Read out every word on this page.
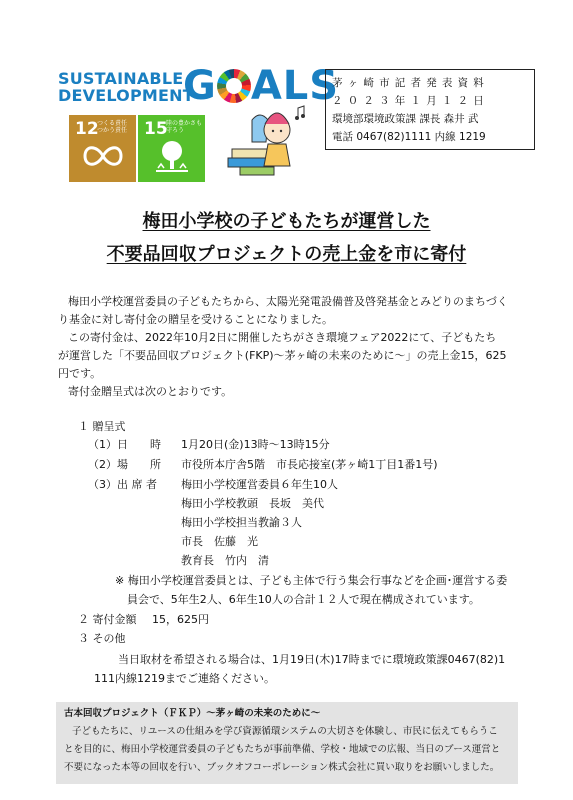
SUSTAINABLE
DEVELOPMENT
G ALS
12
つくる責任 つかう責任 15
陸の豊かさも 守ろう
茅ヶ崎市記者発表資料
２０２３年１月１２日
環境部環境政策課 課長 森井 武
電話 0467(82)1111 内線 1219
梅田小学校の子どもたちが運営した
不要品回収プロジェクトの売上金を市に寄付
梅田小学校運営委員の子どもたちから、太陽光発電設備普及啓発基金とみどりのまちづく
り基金に対し寄付金の贈呈を受けることになりました。
この寄付金は、2022年10月2日に開催したちがさき環境フェア2022にて、子どもたち
が運営した「不要品回収プロジェクト(FKP)～茅ヶ崎の未来のために～」の売上金15，625
円です。
寄付金贈呈式は次のとおりです。
１ 贈呈式
（1）日　　時 1月20日(金)13時～13時15分
（2）場　　所 市役所本庁舎5階　市長応接室(茅ヶ崎1丁目1番1号)
（3）出 席 者 梅田小学校運営委員６年生10人
梅田小学校教頭　長坂　美代
梅田小学校担当教諭３人
市長　佐藤　光
教育長　竹内　清
※ 梅田小学校運営委員とは、子ども主体で行う集会行事などを企画･運営する委
員会で、5年生2人、6年生10人の合計１２人で現在構成されています。
２ 寄付金額 15，625円
３ その他
当日取材を希望される場合は、1月19日(木)17時までに環境政策課0467(82)1
111内線1219までご連絡ください。
古本回収プロジェクト（ＦＫＰ）～茅ヶ崎の未来のために～
子どもたちに、リユースの仕組みを学び資源循環システムの大切さを体験し、市民に伝えてもらうこ
とを目的に、梅田小学校運営委員の子どもたちが事前準備、学校・地域での広報、当日のブース運営と
不要になった本等の回収を行い、ブックオフコーポレーション株式会社に買い取りをお願いしました。
